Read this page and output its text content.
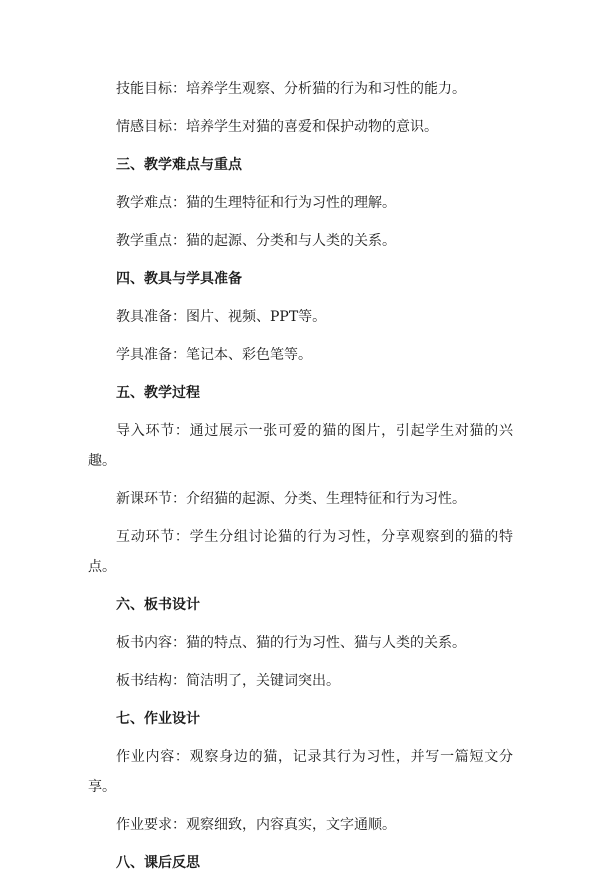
技能目标：培养学生观察、分析猫的行为和习性的能力。
情感目标：培养学生对猫的喜爱和保护动物的意识。
三、教学难点与重点
教学难点：猫的生理特征和行为习性的理解。
教学重点：猫的起源、分类和与人类的关系。
四、教具与学具准备
教具准备：图片、视频、PPT等。
学具准备：笔记本、彩色笔等。
五、教学过程
导入环节：通过展示一张可爱的猫的图片，引起学生对猫的兴趣。
新课环节：介绍猫的起源、分类、生理特征和行为习性。
互动环节：学生分组讨论猫的行为习性，分享观察到的猫的特点。
六、板书设计
板书内容：猫的特点、猫的行为习性、猫与人类的关系。
板书结构：简洁明了，关键词突出。
七、作业设计
作业内容：观察身边的猫，记录其行为习性，并写一篇短文分享。
作业要求：观察细致，内容真实，文字通顺。
八、课后反思
